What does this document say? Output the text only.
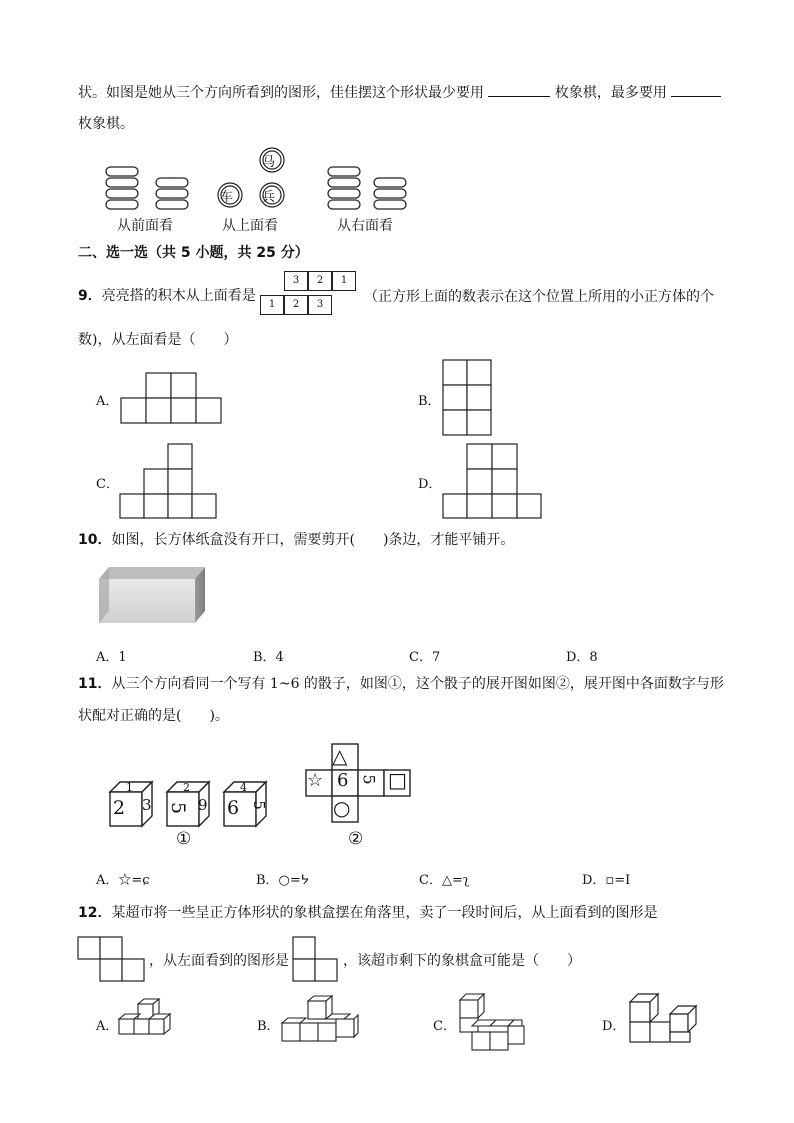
状。如图是她从三个方向所看到的图形，佳佳摆这个形状最少要用	枚象棋，最多要用
枚象棋。
从前面看
马
车 兵
从上面看	从右面看
二、选一选（共 5 小题，共 25 分）
9．亮亮搭的积木从上面看是
3	2	1
1	2	3	（正方形上面的数表示在这个位置上所用的小正方体的个
数)，从左面看是（　　）
A．	B．
C．	D．
10．如图，长方体纸盒没有开口，需要剪开(　　)条边，才能平铺开。
A．1	B．4	C．7	D．8
11．从三个方向看同一个写有 1~6 的骰子，如图①，这个骰子的展开图如图②，展开图中各面数字与形
状配对正确的是(　　)。
1
2 3
2
5 9
4
6 5
①
△
☆ 6 5 □
○
②
A．☆=ɕ	B．○=ᔭ	C．△=ʅ	D．▫=I
12．某超市将一些呈正方体形状的象棋盒摆在角落里，卖了一段时间后，从上面看到的图形是
，从左面看到的图形是	，该超市剩下的象棋盒可能是（　　）
A．	B．	C．	D．
